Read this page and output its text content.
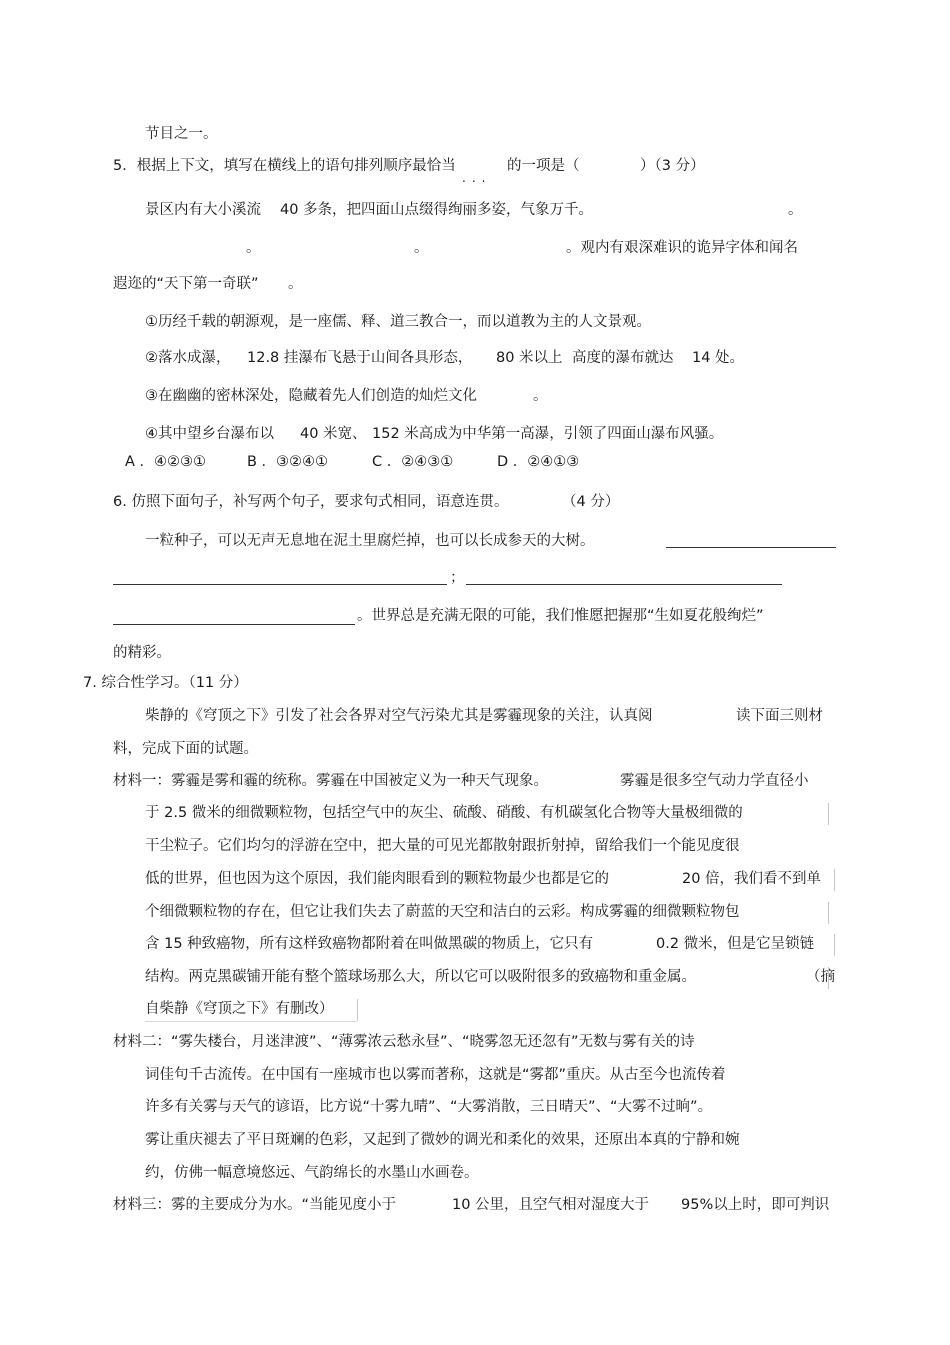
节目之一。
5．根据上下文，填写在横线上的语句排列顺序最恰当
...
的一项是（	）（3 分）
景区内有大小溪流 40 多条，把四面山点缀得绚丽多姿，气象万千。	。
。	。	。观内有艰深难识的诡异字体和闻名
遐迩的“天下第一奇联” 。
①历经千载的朝源观，是一座儒、释、道三教合一，而以道教为主的人文景观。
②落水成瀑， 12.8 挂瀑布飞悬于山间各具形态， 80 米以上 高度的瀑布就达 14 处。
③在幽幽的密林深处，隐藏着先人们创造的灿烂文化	。
④其中望乡台瀑布以 40 米宽、 152 米高成为中华第一高瀑，引领了四面山瀑布风骚。
A ．④②③①	B ．③②④①	C ．②④③①	D ．②④①③
6. 仿照下面句子，补写两个句子，要求句式相同，语意连贯。	（4 分）
一粒种子，可以无声无息地在泥土里腐烂掉，也可以长成参天的大树。
；
。世界总是充满无限的可能，我们惟愿把握那“生如夏花般绚烂”
的精彩。
7. 综合性学习。（11 分）
柴静的《穹顶之下》引发了社会各界对空气污染尤其是雾霾现象的关注，认真阅	读下面三则材
料，完成下面的试题。
材料一：雾霾是雾和霾的统称。雾霾在中国被定义为一种天气现象。	雾霾是很多空气动力学直径小
于 2.5 微米的细微颗粒物，包括空气中的灰尘、硫酸、硝酸、有机碳氢化合物等大量极细微的
干尘粒子。它们均匀的浮游在空中，把大量的可见光都散射跟折射掉，留给我们一个能见度很
低的世界，但也因为这个原因，我们能肉眼看到的颗粒物最少也都是它的	20 倍，我们看不到单
个细微颗粒物的存在，但它让我们失去了蔚蓝的天空和洁白的云彩。构成雾霾的细微颗粒物包
含 15 种致癌物，所有这样致癌物都附着在叫做黑碳的物质上，它只有	0.2 微米，但是它呈锁链
结构。两克黑碳铺开能有整个篮球场那么大，所以它可以吸附很多的致癌物和重金属。	（摘
自柴静《穹顶之下》有删改）
材料二：“雾失楼台，月迷津渡”、“薄雾浓云愁永昼”、“晓雾忽无还忽有”无数与雾有关的诗
词佳句千古流传。在中国有一座城市也以雾而著称，这就是“雾都”重庆。从古至今也流传着
许多有关雾与天气的谚语，比方说“十雾九晴”、“大雾消散，三日晴天”、“大雾不过晌”。
雾让重庆褪去了平日斑斓的色彩，又起到了微妙的调光和柔化的效果，还原出本真的宁静和婉
约，仿佛一幅意境悠远、气韵绵长的水墨山水画卷。
材料三：雾的主要成分为水。“当能见度小于	10 公里，且空气相对湿度大于 95%以上时，即可判识
